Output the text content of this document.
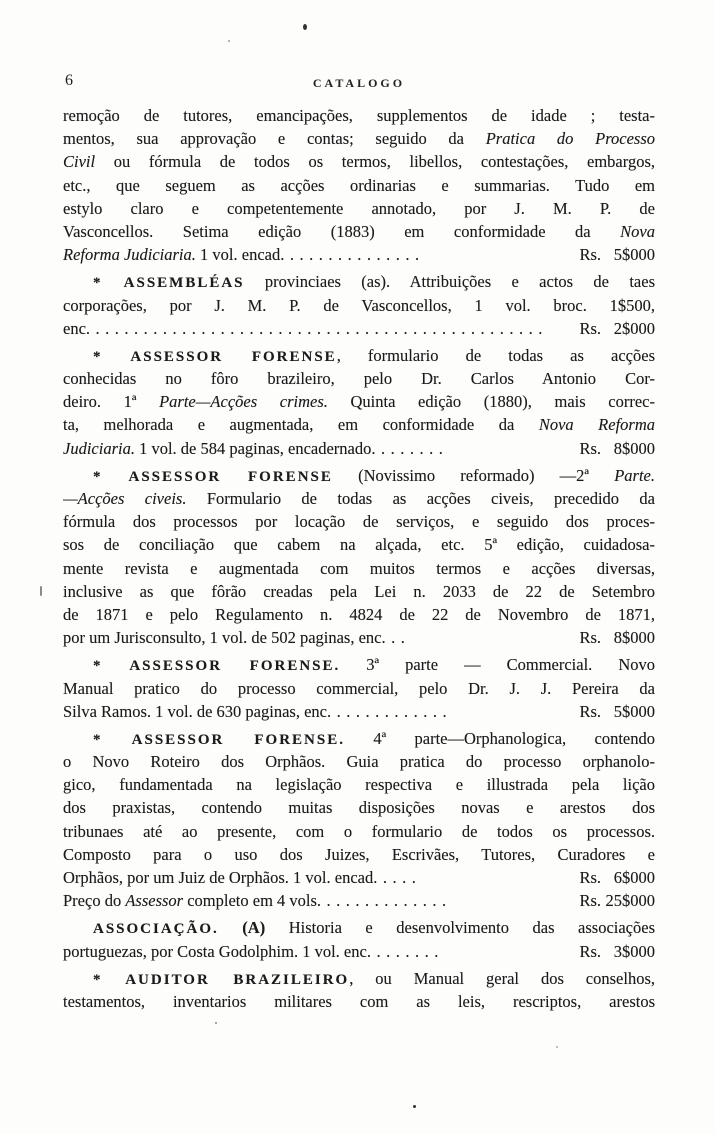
6	CATALOGO
remoção de tutores, emancipações, supplementos de idade ; testa-
mentos, sua approvação e contas; seguido da Pratica do Processo
Civil ou fórmula de todos os termos, libellos, contestações, embargos,
etc., que seguem as acções ordinarias e summarias. Tudo em
estylo claro e competentemente annotado, por J. M. P. de
Vasconcellos. Setima edição (1883) em conformidade da Nova
Reforma Judiciaria. 1 vol. encad ...............	Rs. 5$000
* ASSEMBLÉAS provinciaes (as). Attribuições e actos de taes
corporações, por J. M. P. de Vasconcellos, 1 vol. broc. 1$500,
enc ................................................	Rs. 2$000
* ASSESSOR FORENSE, formulario de todas as acções
conhecidas no fôro brazileiro, pelo Dr. Carlos Antonio Cor-
deiro. 1ª Parte—Acções crimes. Quinta edição (1880), mais correc-
ta, melhorada e augmentada, em conformidade da Nova Reforma
Judiciaria. 1 vol. de 584 paginas, encadernado ........	Rs. 8$000
* ASSESSOR FORENSE (Novissimo reformado) —2ª Parte.
—Acções civeis. Formulario de todas as acções civeis, precedido da
fórmula dos processos por locação de serviços, e seguido dos proces-
sos de conciliação que cabem na alçada, etc. 5ª edição, cuidadosa-
mente revista e augmentada com muitos termos e acções diversas,
inclusive as que fôrão creadas pela Lei n. 2033 de 22 de Setembro
de 1871 e pelo Regulamento n. 4824 de 22 de Novembro de 1871,
por um Jurisconsulto, 1 vol. de 502 paginas, enc ...	Rs. 8$000
* ASSESSOR FORENSE. 3ª parte — Commercial. Novo
Manual pratico do processo commercial, pelo Dr. J. J. Pereira da
Silva Ramos. 1 vol. de 630 paginas, enc .............	Rs. 5$000
* ASSESSOR FORENSE. 4ª parte—Orphanologica, contendo
o Novo Roteiro dos Orphãos. Guia pratica do processo orphanolo-
gico, fundamentada na legislação respectiva e illustrada pela lição
dos praxistas, contendo muitas disposições novas e arestos dos
tribunaes até ao presente, com o formulario de todos os processos.
Composto para o uso dos Juizes, Escrivães, Tutores, Curadores e
Orphãos, por um Juiz de Orphãos. 1 vol. encad .....	Rs. 6$000
Preço do Assessor completo em 4 vols ..............	Rs. 25$000
ASSOCIAÇÃO. (A) Historia e desenvolvimento das associações
portuguezas, por Costa Godolphim. 1 vol. enc ........	Rs. 3$000
* AUDITOR BRAZILEIRO, ou Manual geral dos conselhos,
testamentos, inventarios militares com as leis, rescriptos, arestos
